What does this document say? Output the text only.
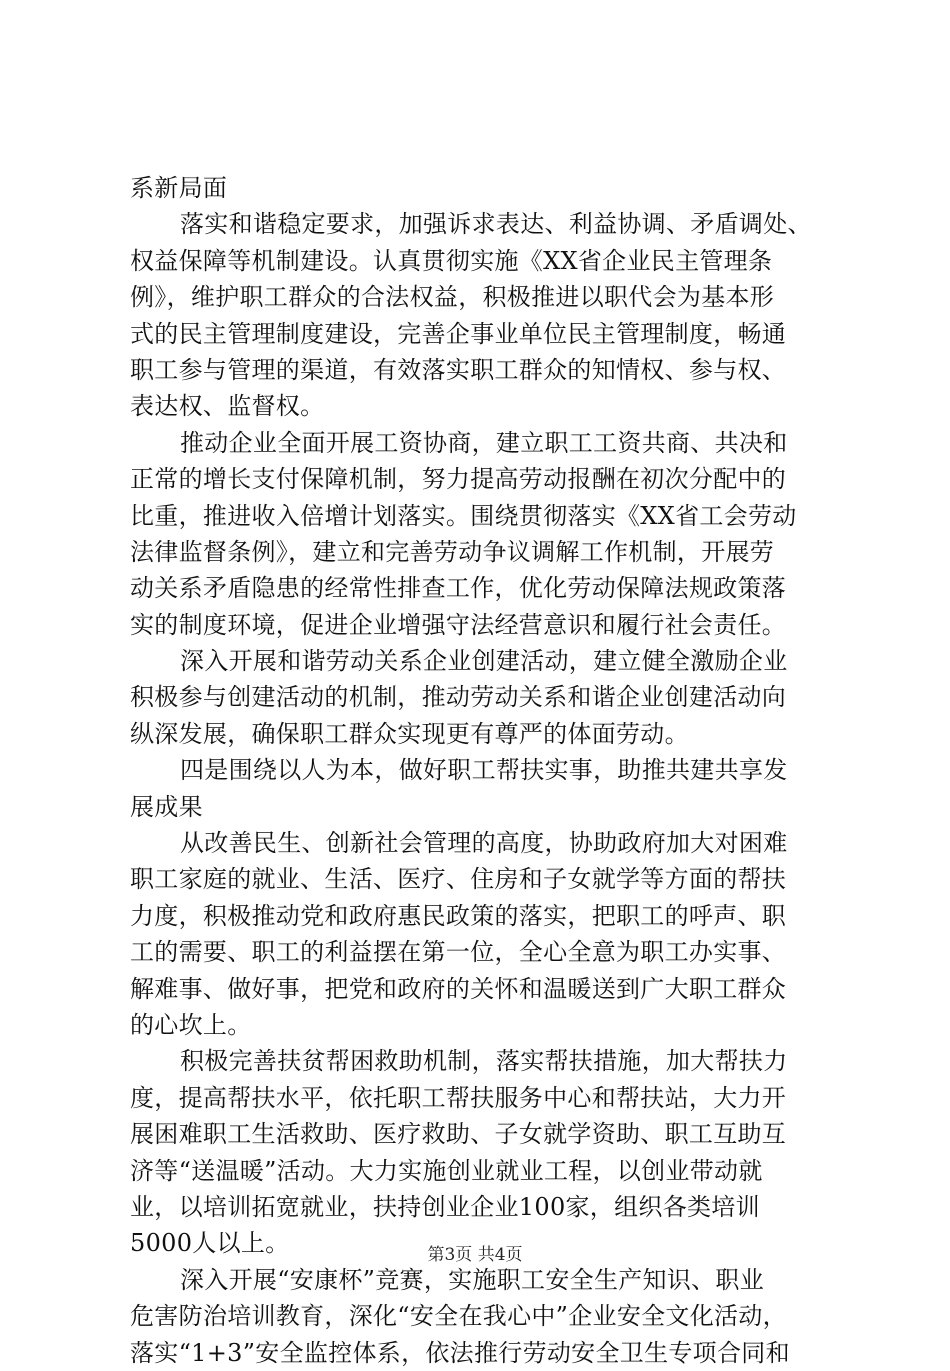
系新局面
落实和谐稳定要求，加强诉求表达、利益协调、矛盾调处、
权益保障等机制建设。认真贯彻实施《XX省企业民主管理条
例》，维护职工群众的合法权益，积极推进以职代会为基本形
式的民主管理制度建设，完善企事业单位民主管理制度，畅通
职工参与管理的渠道，有效落实职工群众的知情权、参与权、
表达权、监督权。
推动企业全面开展工资协商，建立职工工资共商、共决和
正常的增长支付保障机制，努力提高劳动报酬在初次分配中的
比重，推进收入倍增计划落实。围绕贯彻落实《XX省工会劳动
法律监督条例》，建立和完善劳动争议调解工作机制，开展劳
动关系矛盾隐患的经常性排查工作，优化劳动保障法规政策落
实的制度环境，促进企业增强守法经营意识和履行社会责任。
深入开展和谐劳动关系企业创建活动，建立健全激励企业
积极参与创建活动的机制，推动劳动关系和谐企业创建活动向
纵深发展，确保职工群众实现更有尊严的体面劳动。
四是围绕以人为本，做好职工帮扶实事，助推共建共享发
展成果
从改善民生、创新社会管理的高度，协助政府加大对困难
职工家庭的就业、生活、医疗、住房和子女就学等方面的帮扶
力度，积极推动党和政府惠民政策的落实，把职工的呼声、职
工的需要、职工的利益摆在第一位，全心全意为职工办实事、
解难事、做好事，把党和政府的关怀和温暖送到广大职工群众
的心坎上。
积极完善扶贫帮困救助机制，落实帮扶措施，加大帮扶力
度，提高帮扶水平，依托职工帮扶服务中心和帮扶站，大力开
展困难职工生活救助、医疗救助、子女就学资助、职工互助互
济等“送温暖”活动。大力实施创业就业工程，以创业带动就
业，以培训拓宽就业，扶持创业企业100家，组织各类培训
5000人以上。
深入开展“安康杯”竞赛，实施职工安全生产知识、职业
危害防治培训教育，深化“安全在我心中”企业安全文化活动，
落实“1+3”安全监控体系，依法推行劳动安全卫生专项合同和
第3页 共4页
